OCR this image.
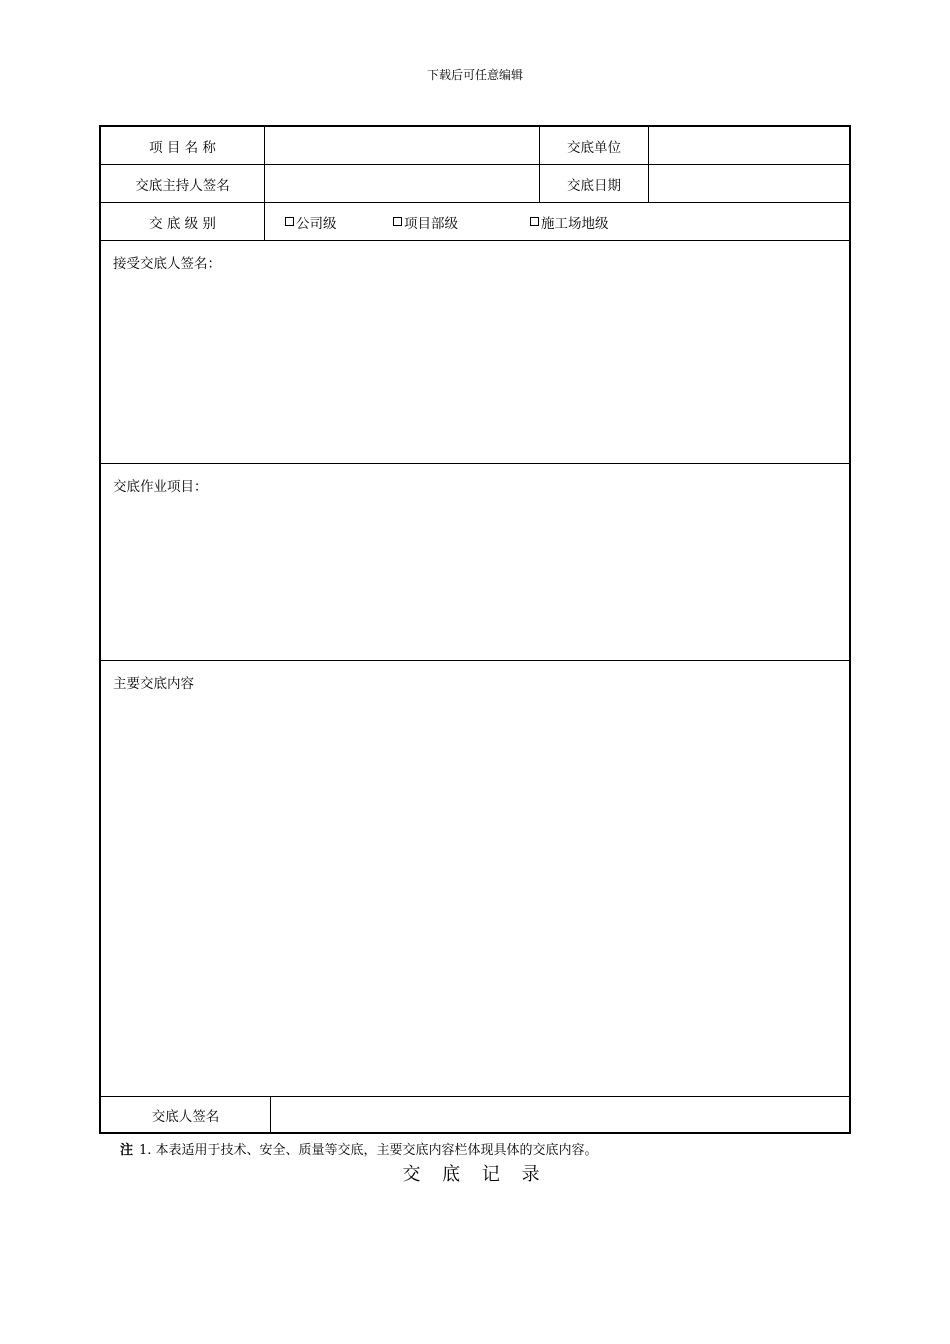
下载后可任意编辑
项 目 名 称	交底单位
交底主持人签名	交底日期
交 底 级 别	公司级	项目部级	施工场地级
接受交底人签名：
交底作业项目：
主要交底内容
交底人签名
注 1. 本表适用于技术、安全、质量等交底，主要交底内容栏体现具体的交底内容。
交 底 记 录
